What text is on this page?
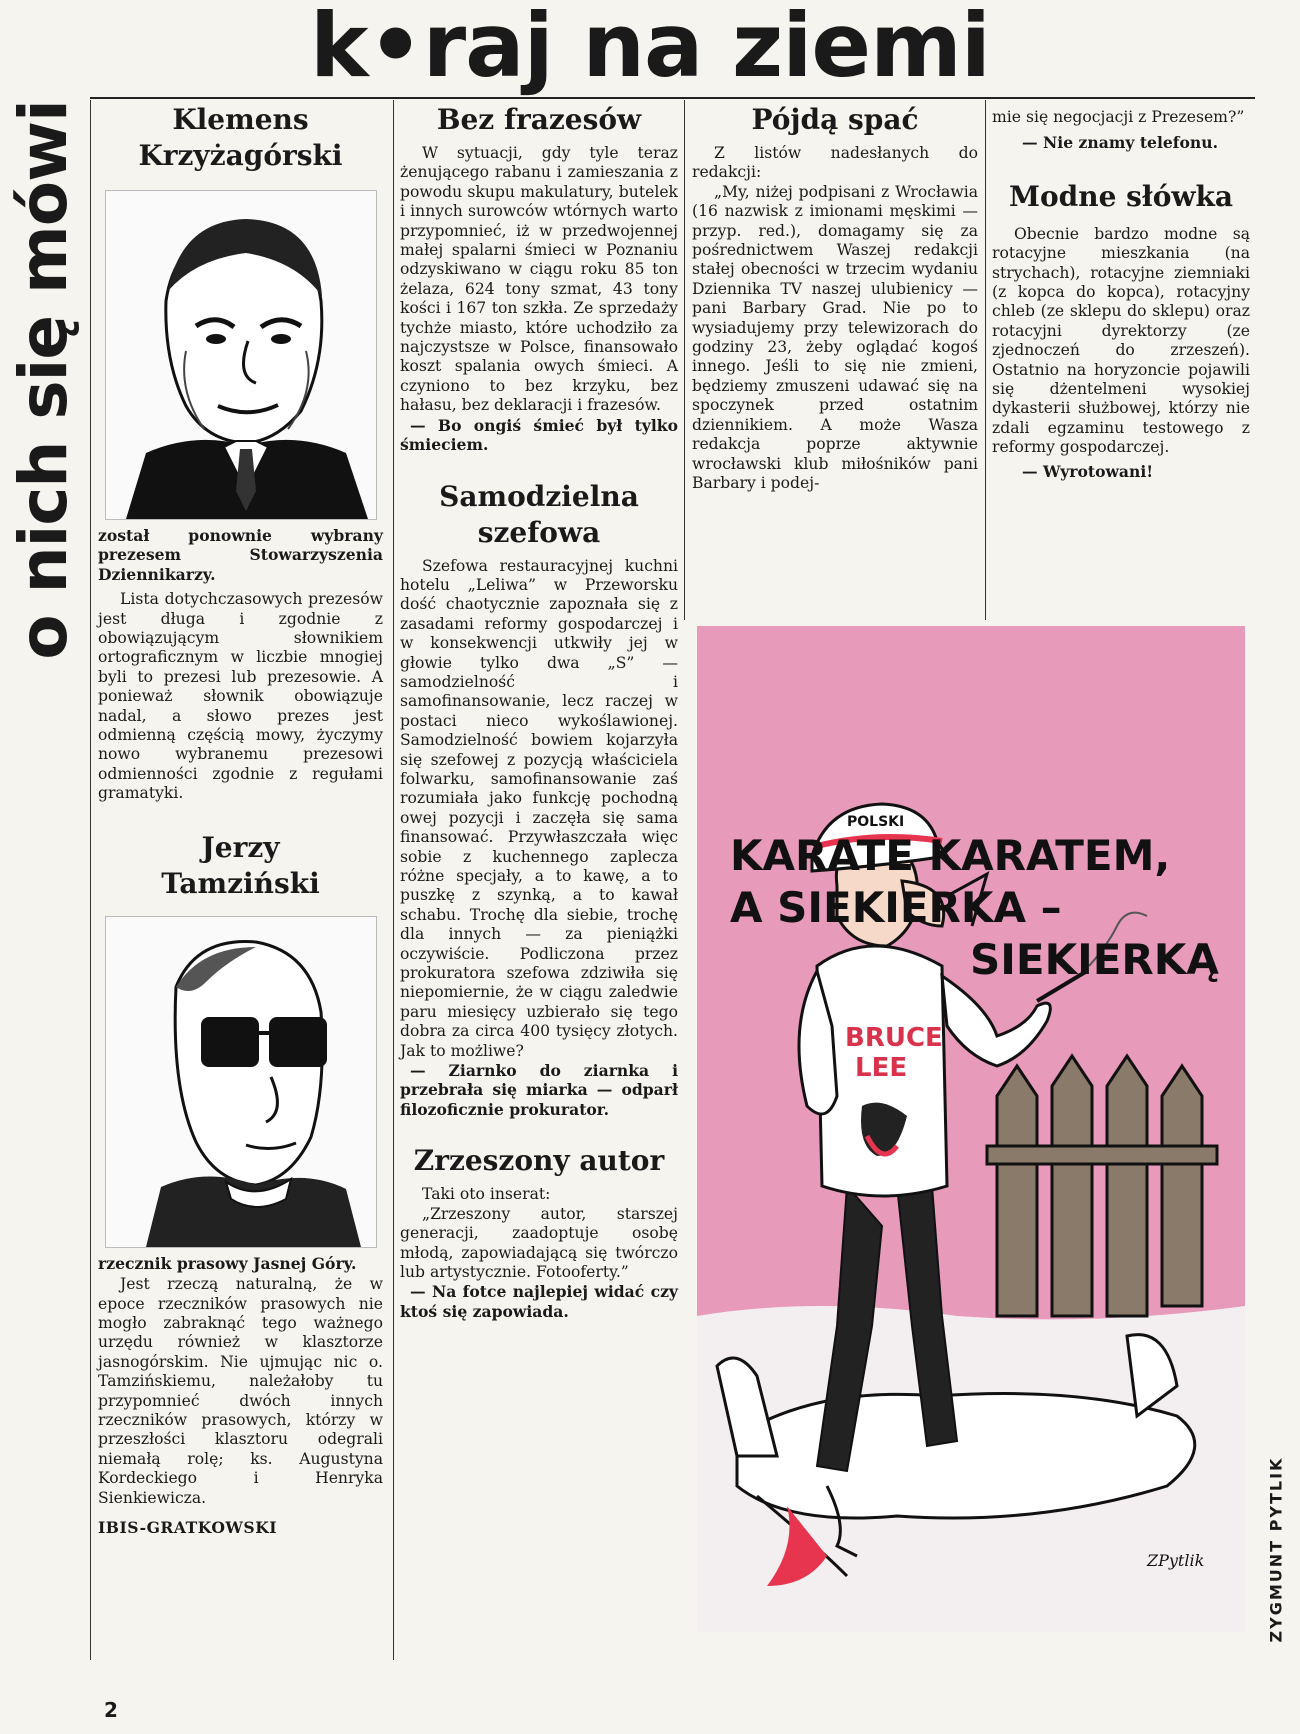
k•raj na ziemi
o nich się mówi	Klemens
Krzyżagórski

został ponownie wybrany prezesem Stowarzyszenia Dziennikarzy.

Lista dotychczasowych prezesów jest długa i zgodnie z obowiązującym słownikiem ortograficznym w liczbie mnogiej byli to prezesi lub prezesowie. A ponieważ słownik obowiązuje nadal, a słowo prezes jest odmienną częścią mowy, życzymy nowo wybranemu prezesowi odmienności zgodnie z regułami gramatyki.

Jerzy
Tamziński

rzecznik prasowy Jasnej Góry.

Jest rzeczą naturalną, że w epoce rzeczników prasowych nie mogło zabraknąć tego ważnego urzędu również w klasztorze jasnogórskim. Nie ujmując nic o. Tamzińskiemu, należałoby tu przypomnieć dwóch innych rzeczników prasowych, którzy w przeszłości klasztoru odegrali niemałą rolę; ks. Augustyna Kordeckiego i Henryka Sienkiewicza.

IBIS-GRATKOWSKI

Bez frazesów

W sytuacji, gdy tyle teraz żenującego rabanu i zamieszania z powodu skupu makulatury, butelek i innych surowców wtórnych warto przypomnieć, iż w przedwojennej małej spalarni śmieci w Poznaniu odzyskiwano w ciągu roku 85 ton żelaza, 624 tony szmat, 43 tony kości i 167 ton szkła. Ze sprzedaży tychże miasto, które uchodziło za najczystsze w Polsce, finansowało koszt spalania owych śmieci. A czyniono to bez krzyku, bez hałasu, bez deklaracji i frazesów.

— Bo ongiś śmieć był tylko śmieciem.

Samodzielna
szefowa

Szefowa restauracyjnej kuchni hotelu „Leliwa” w Przeworsku dość chaotycznie zapoznała się z zasadami reformy gospodarczej i w konsekwencji utkwiły jej w głowie tylko dwa „S” — samodzielność i samofinansowanie, lecz raczej w postaci nieco wykoślawionej. Samodzielność bowiem kojarzyła się szefowej z pozycją właściciela folwarku, samofinansowanie zaś rozumiała jako funkcję pochodną owej pozycji i zaczęła się sama finansować. Przywłaszczała więc sobie z kuchennego zaplecza różne specjały, a to kawę, a to puszkę z szynką, a to kawał schabu. Trochę dla siebie, trochę dla innych — za pieniążki oczywiście. Podliczona przez prokuratora szefowa zdziwiła się niepomiernie, że w ciągu zaledwie paru miesięcy uzbierało się tego dobra za circa 400 tysięcy złotych. Jak to możliwe?

— Ziarnko do ziarnka i przebrała się miarka — odparł filozoficznie prokurator.

Zrzeszony autor

Taki oto inserat:

„Zrzeszony autor, starszej generacji, zaadoptuje osobę młodą, zapowiadającą się twórczo lub artystycznie. Fotooferty.”

— Na fotce najlepiej widać czy ktoś się zapowiada.

Pójdą spać

Z listów nadesłanych do redakcji:

„My, niżej podpisani z Wrocławia (16 nazwisk z imionami męskimi — przyp. red.), domagamy się za pośrednictwem Waszej redakcji stałej obecności w trzecim wydaniu Dziennika TV naszej ulubienicy — pani Barbary Grad. Nie po to wysiadujemy przy telewizorach do godziny 23, żeby oglądać kogoś innego. Jeśli to się nie zmieni, będziemy zmuszeni udawać się na spoczynek przed ostatnim dziennikiem. A może Wasza redakcja poprze aktywnie wrocławski klub miłośników pani Barbary i podej-

mie się negocjacji z Prezesem?”

— Nie znamy telefonu.

Modne słówka

Obecnie bardzo modne są rotacyjne mieszkania (na strychach), rotacyjne ziemniaki (z kopca do kopca), rotacyjny chleb (ze sklepu do sklepu) oraz rotacyjni dyrektorzy (ze zjednoczeń do zrzeszeń). Ostatnio na horyzoncie pojawili się dżentelmeni wysokiej dykasterii służbowej, którzy nie zdali egzaminu testowego z reformy gospodarczej.

— Wyrotowani!

POLSKI
BRUCE
LEE
ZPytlik
KARATE KARATEM,
A SIEKIERKA –
SIEKIERKĄ
ZYGMUNT PYTLIK
2
